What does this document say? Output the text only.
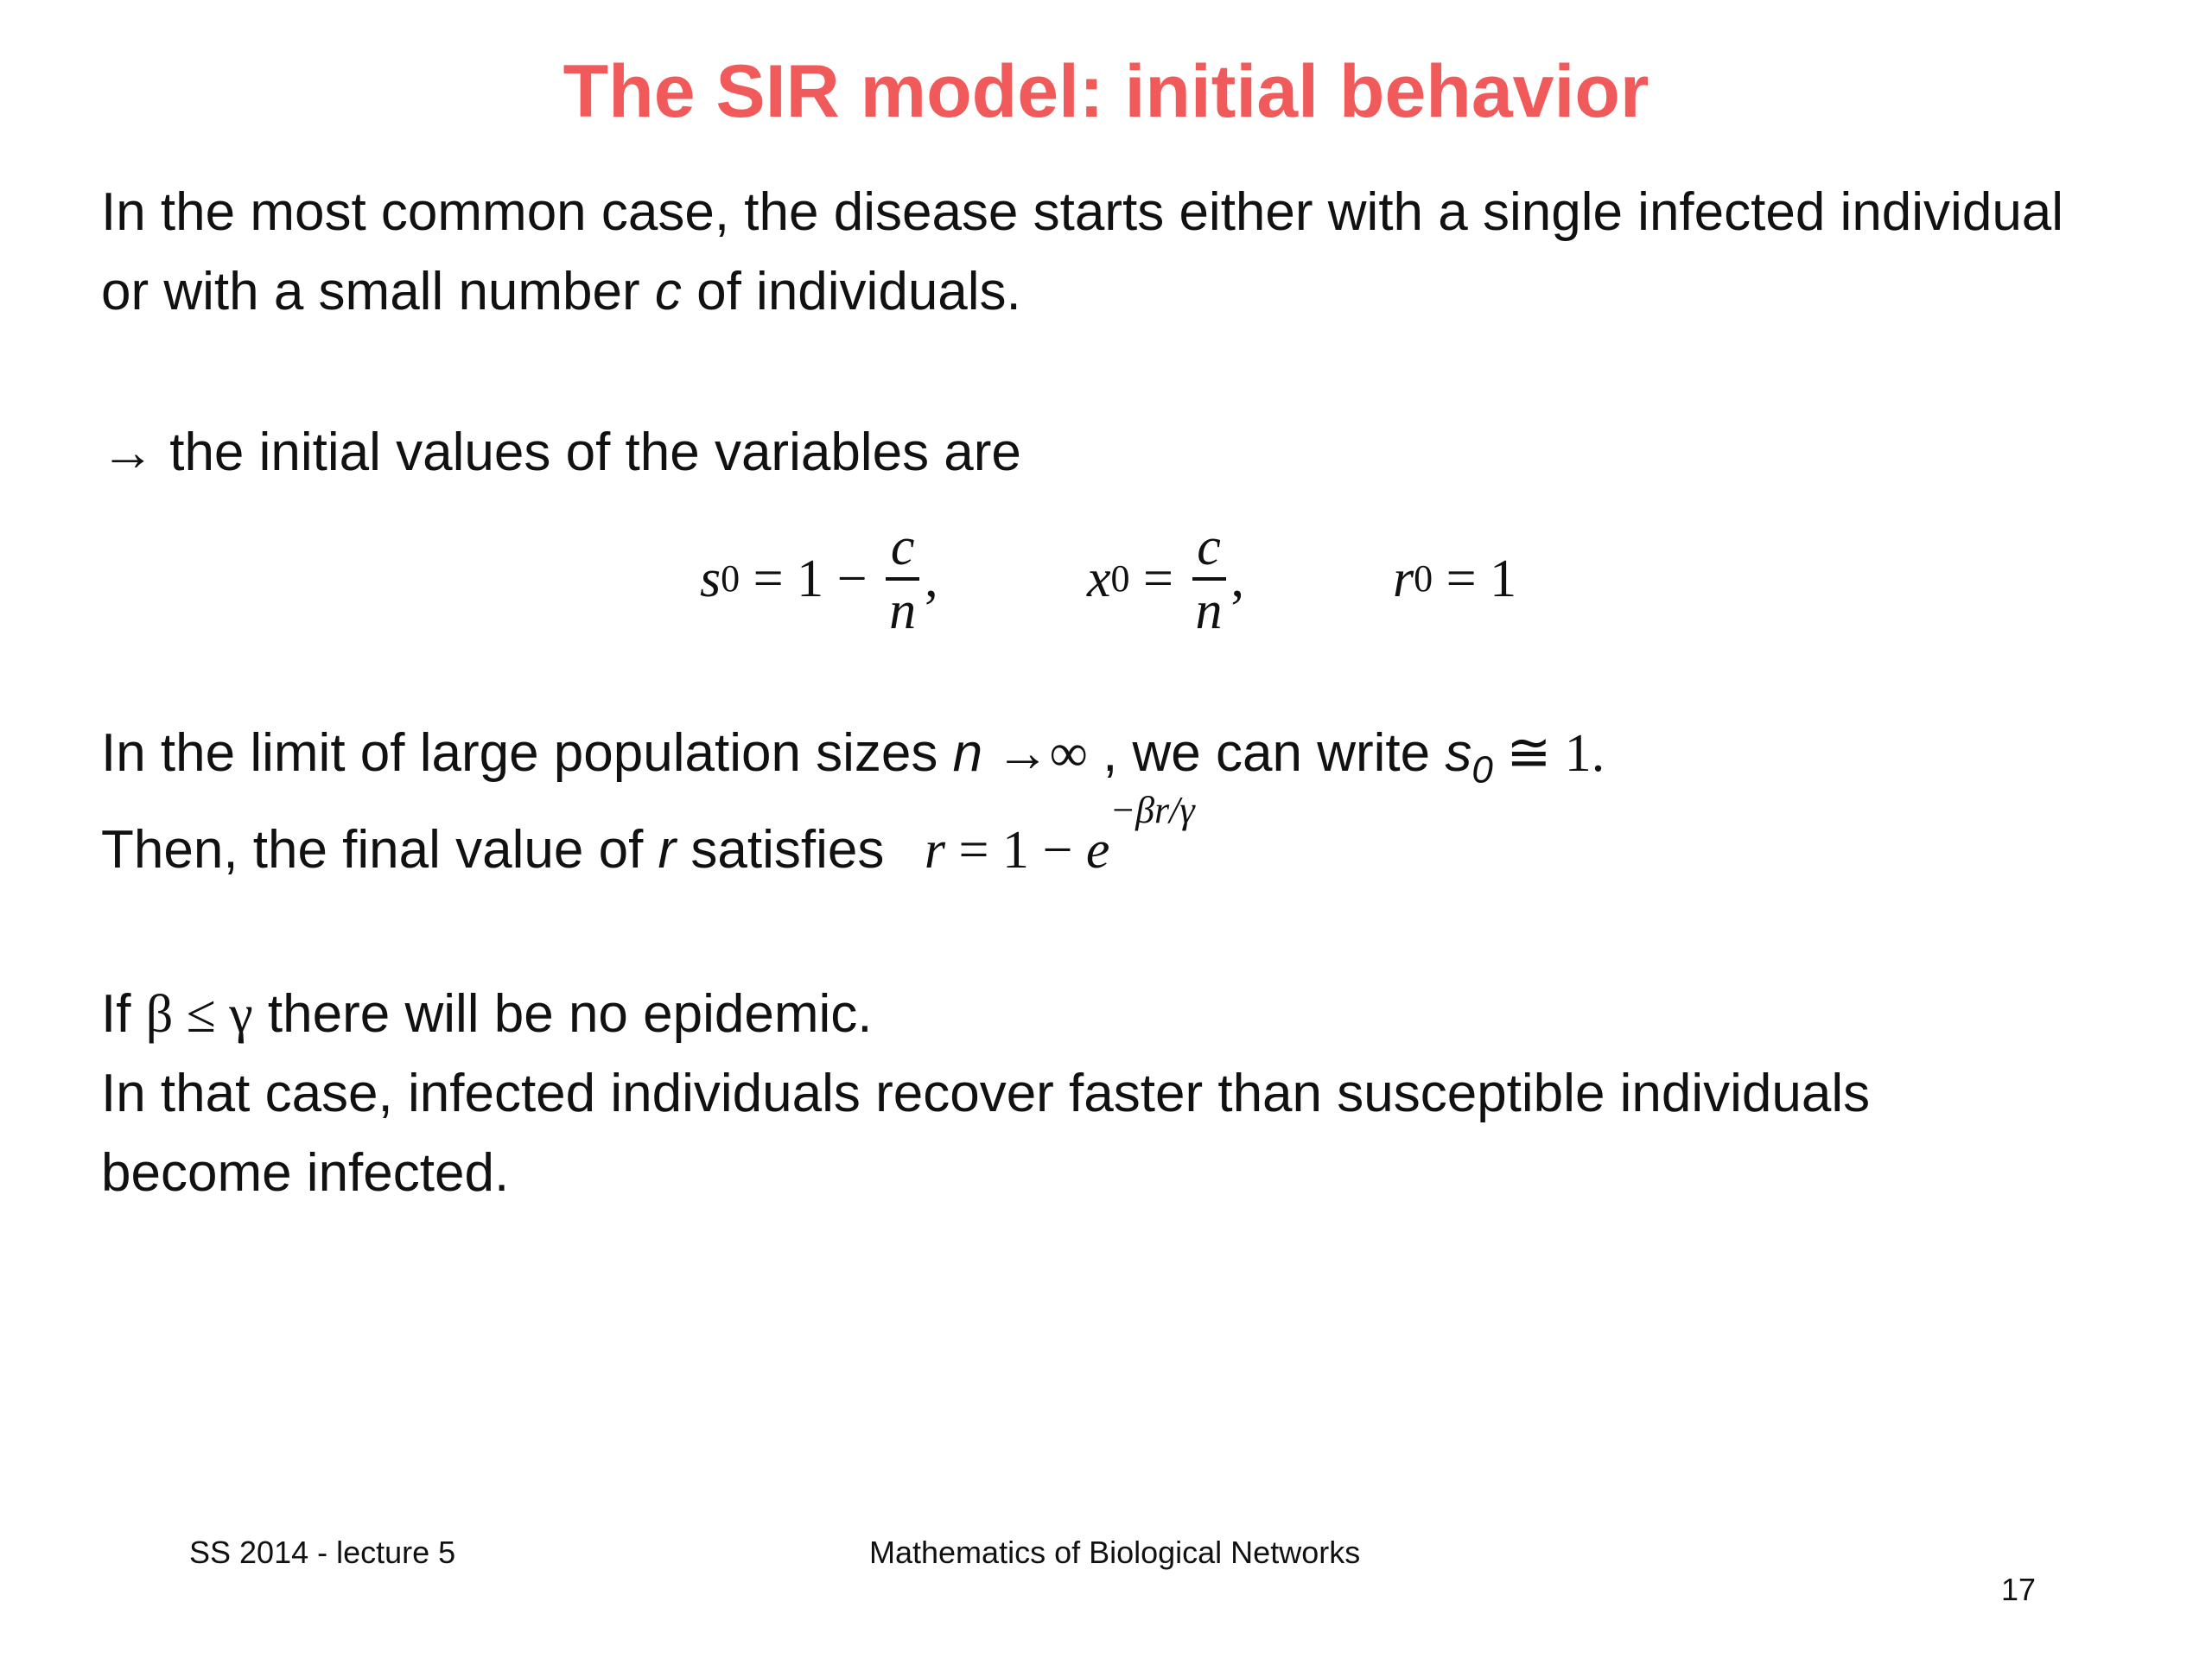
The SIR model: initial behavior
In the most common case, the disease starts either with a single infected individual
or with a small number c of individuals.
→ the initial values of the variables are
s $0 = 1 - \frac{c}{n}$ ,	x $0 = \frac{c}{n}$ ,	r 0 = 1
In the limit of large population sizes n →∞ , we can write $s_0$ ≅ 1.
Then, the final value of r satisfies  $r = 1 - e^{-\beta r/\gamma}$
If β ≤ γ there will be no epidemic.
In that case, infected individuals recover faster than susceptible individuals
become infected.
SS 2014 - lecture 5	Mathematics of Biological Networks
17
